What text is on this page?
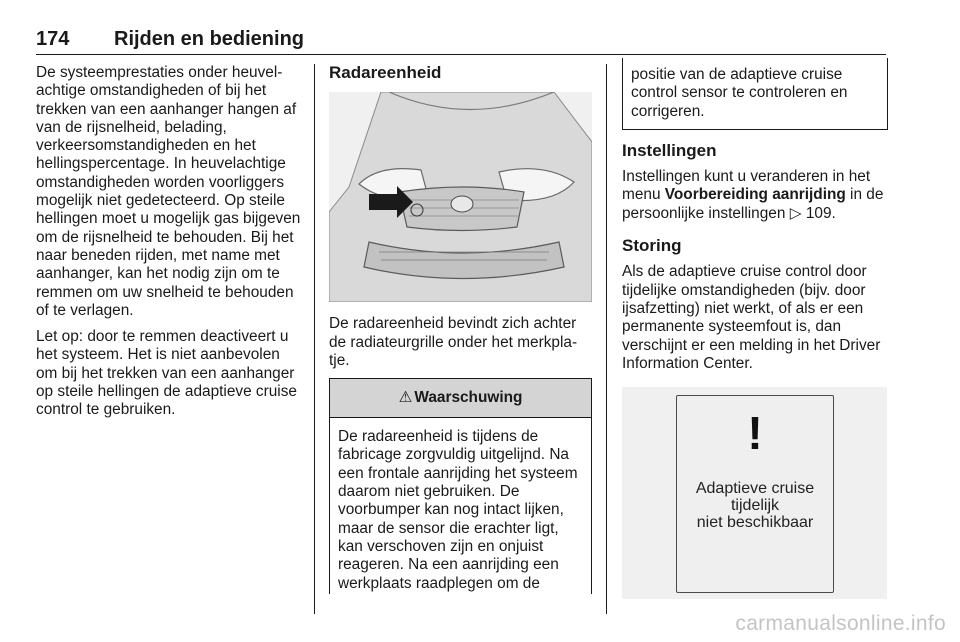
174 Rijden en bediening

De systeemprestaties onder heuvelachtige omstandigheden of bij het trekken van een aanhanger hangen af van de rijsnelheid, belading, verkeersomstandigheden en het hellingspercentage. In heuvelachtige omstandigheden worden voorliggers mogelijk niet gedetecteerd. Op steile hellingen moet u mogelijk gas bijgeven om de rijsnelheid te behouden. Bij het naar beneden rijden, met name met aanhanger, kan het nodig zijn om te remmen om uw snelheid te behouden of te verlagen.

Let op: door te remmen deactiveert u het systeem. Het is niet aanbevolen om bij het trekken van een aanhanger op steile hellingen de adaptieve cruise control te gebruiken.

Radareenheid

De radareenheid bevindt zich achter de radiateurgrille onder het merkplatje.

⚠ Waarschuwing
De radareenheid is tijdens de fabricage zorgvuldig uitgelijnd. Na een frontale aanrijding het systeem daarom niet gebruiken. De voorbumper kan nog intact lijken, maar de sensor die erachter ligt, kan verschoven zijn en onjuist reageren. Na een aanrijding een werkplaats raadplegen om de
positie van de adaptieve cruise control sensor te controleren en corrigeren.

Instellingen

Instellingen kunt u veranderen in het menu Voorbereiding aanrijding in de persoonlijke instellingen ▷ 109.

Storing

Als de adaptieve cruise control door tijdelijke omstandigheden (bijv. door ijsafzetting) niet werkt, of als er een permanente systeemfout is, dan verschijnt er een melding in het Driver Information Center.

!
Adaptieve cruise
tijdelijk
niet beschikbaar
carmanualsonline.info
